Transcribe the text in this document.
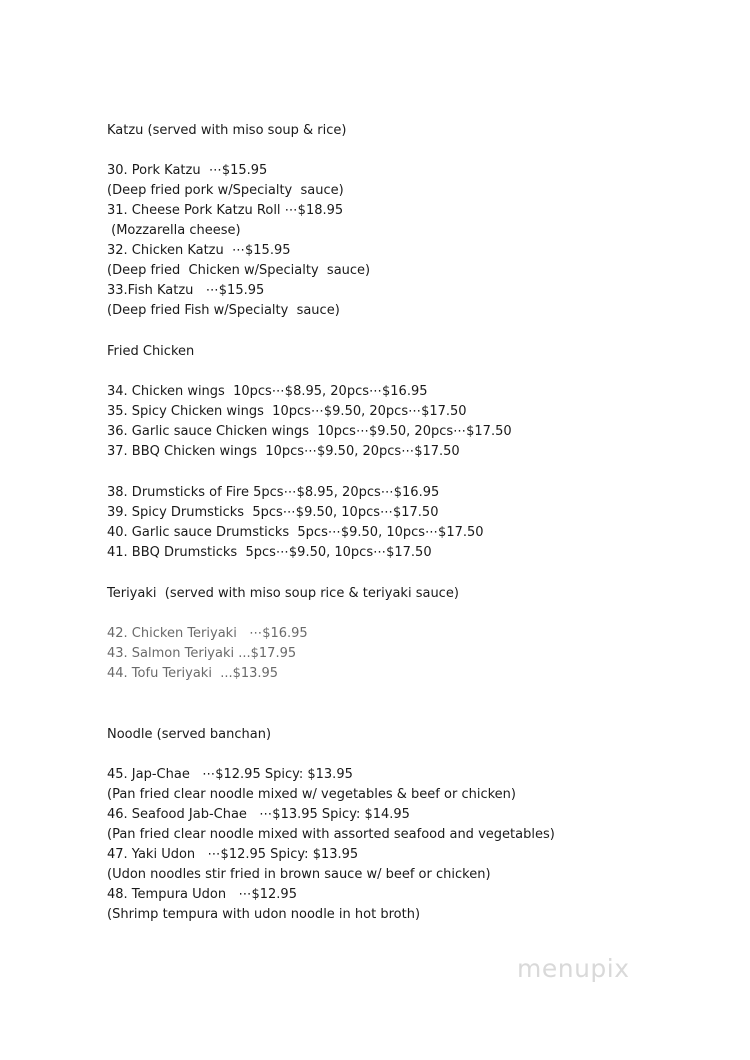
Katzu (served with miso soup & rice)
30. Pork Katzu  ⋯$15.95
(Deep fried pork w/Specialty  sauce)
31. Cheese Pork Katzu Roll ⋯$18.95
(Mozzarella cheese)
32. Chicken Katzu  ⋯$15.95
(Deep fried  Chicken w/Specialty  sauce)
33.Fish Katzu   ⋯$15.95
(Deep fried Fish w/Specialty  sauce)
Fried Chicken
34. Chicken wings  10pcs⋯$8.95, 20pcs⋯$16.95
35. Spicy Chicken wings  10pcs⋯$9.50, 20pcs⋯$17.50
36. Garlic sauce Chicken wings  10pcs⋯$9.50, 20pcs⋯$17.50
37. BBQ Chicken wings  10pcs⋯$9.50, 20pcs⋯$17.50
38. Drumsticks of Fire 5pcs⋯$8.95, 20pcs⋯$16.95
39. Spicy Drumsticks  5pcs⋯$9.50, 10pcs⋯$17.50
40. Garlic sauce Drumsticks  5pcs⋯$9.50, 10pcs⋯$17.50
41. BBQ Drumsticks  5pcs⋯$9.50, 10pcs⋯$17.50
Teriyaki  (served with miso soup rice & teriyaki sauce)
42. Chicken Teriyaki   ⋯$16.95
43. Salmon Teriyaki ...$17.95
44. Tofu Teriyaki  ...$13.95
Noodle (served banchan)
45. Jap-Chae   ⋯$12.95 Spicy: $13.95
(Pan fried clear noodle mixed w/ vegetables & beef or chicken)
46. Seafood Jab-Chae   ⋯$13.95 Spicy: $14.95
(Pan fried clear noodle mixed with assorted seafood and vegetables)
47. Yaki Udon   ⋯$12.95 Spicy: $13.95
(Udon noodles stir fried in brown sauce w/ beef or chicken)
48. Tempura Udon   ⋯$12.95
(Shrimp tempura with udon noodle in hot broth)
menupix
